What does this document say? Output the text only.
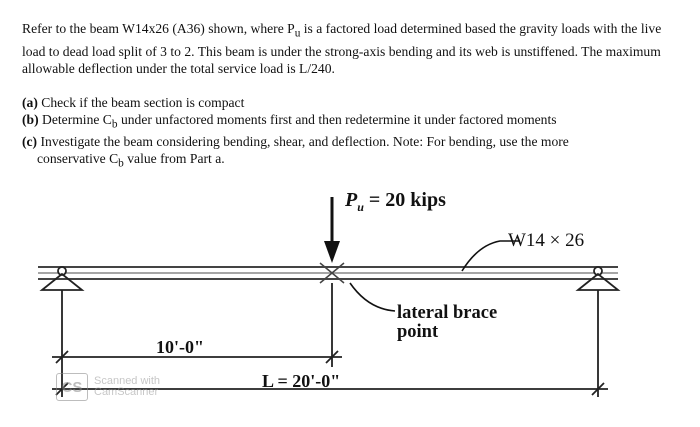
Refer to the beam W14x26 (A36) shown, where $P_u$ is a factored load determined based the gravity loads with the live load to dead load split of 3 to 2. This beam is under the strong-axis bending and its web is unstiffened. The maximum allowable deflection under the total service load is L/240.

(a) Check if the beam section is compact

(b) Determine $C_b$ under unfactored moments first and then redetermine it under factored moments

(c) Investigate the beam considering bending, shear, and deflection. Note: For bending, use the more

conservative $C_b$ value from Part a.

$P_u = 20$ kips
W14 × 26
lateral brace
point
10'-0"
L = 20'-0"
CS	Scanned with
CamScanner
